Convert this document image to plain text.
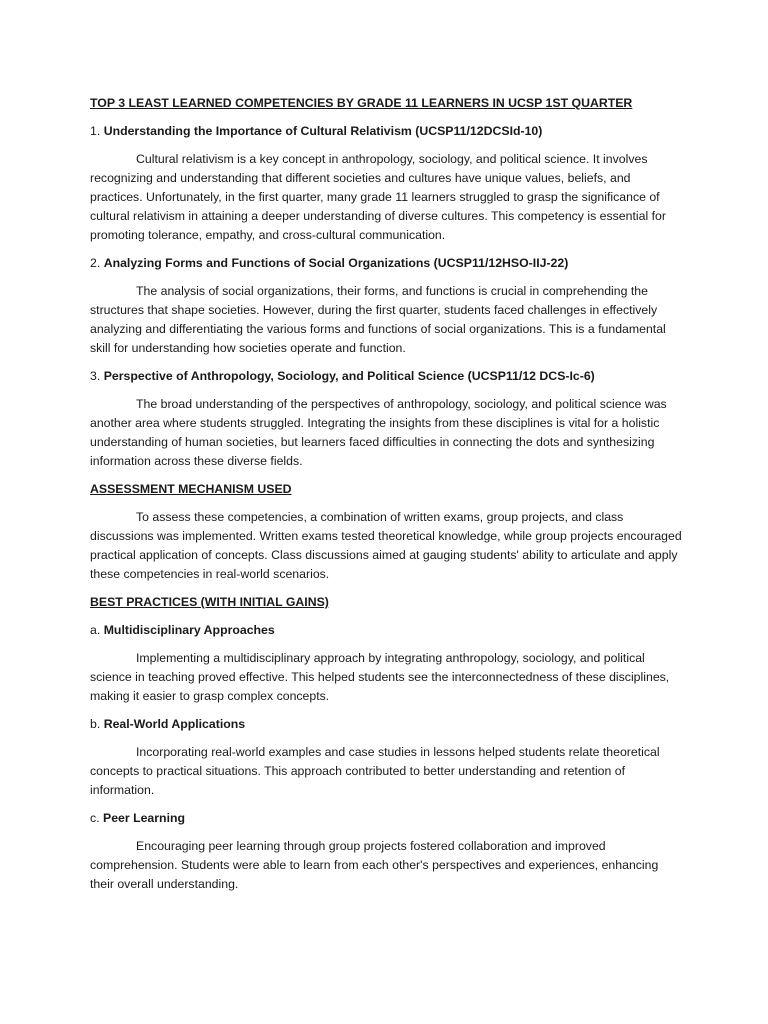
TOP 3 LEAST LEARNED COMPETENCIES BY GRADE 11 LEARNERS IN UCSP 1ST QUARTER

1. Understanding the Importance of Cultural Relativism (UCSP11/12DCSId-10)

Cultural relativism is a key concept in anthropology, sociology, and political science. It involves recognizing and understanding that different societies and cultures have unique values, beliefs, and practices. Unfortunately, in the first quarter, many grade 11 learners struggled to grasp the significance of cultural relativism in attaining a deeper understanding of diverse cultures. This competency is essential for promoting tolerance, empathy, and cross-cultural communication.

2. Analyzing Forms and Functions of Social Organizations (UCSP11/12HSO-IIJ-22)

The analysis of social organizations, their forms, and functions is crucial in comprehending the structures that shape societies. However, during the first quarter, students faced challenges in effectively analyzing and differentiating the various forms and functions of social organizations. This is a fundamental skill for understanding how societies operate and function.

3. Perspective of Anthropology, Sociology, and Political Science (UCSP11/12 DCS-Ic-6)

The broad understanding of the perspectives of anthropology, sociology, and political science was another area where students struggled. Integrating the insights from these disciplines is vital for a holistic understanding of human societies, but learners faced difficulties in connecting the dots and synthesizing information across these diverse fields.

ASSESSMENT MECHANISM USED

To assess these competencies, a combination of written exams, group projects, and class discussions was implemented. Written exams tested theoretical knowledge, while group projects encouraged practical application of concepts. Class discussions aimed at gauging students' ability to articulate and apply these competencies in real-world scenarios.

BEST PRACTICES (WITH INITIAL GAINS)

a. Multidisciplinary Approaches

Implementing a multidisciplinary approach by integrating anthropology, sociology, and political science in teaching proved effective. This helped students see the interconnectedness of these disciplines, making it easier to grasp complex concepts.

b. Real-World Applications

Incorporating real-world examples and case studies in lessons helped students relate theoretical concepts to practical situations. This approach contributed to better understanding and retention of information.

c. Peer Learning

Encouraging peer learning through group projects fostered collaboration and improved comprehension. Students were able to learn from each other's perspectives and experiences, enhancing their overall understanding.
